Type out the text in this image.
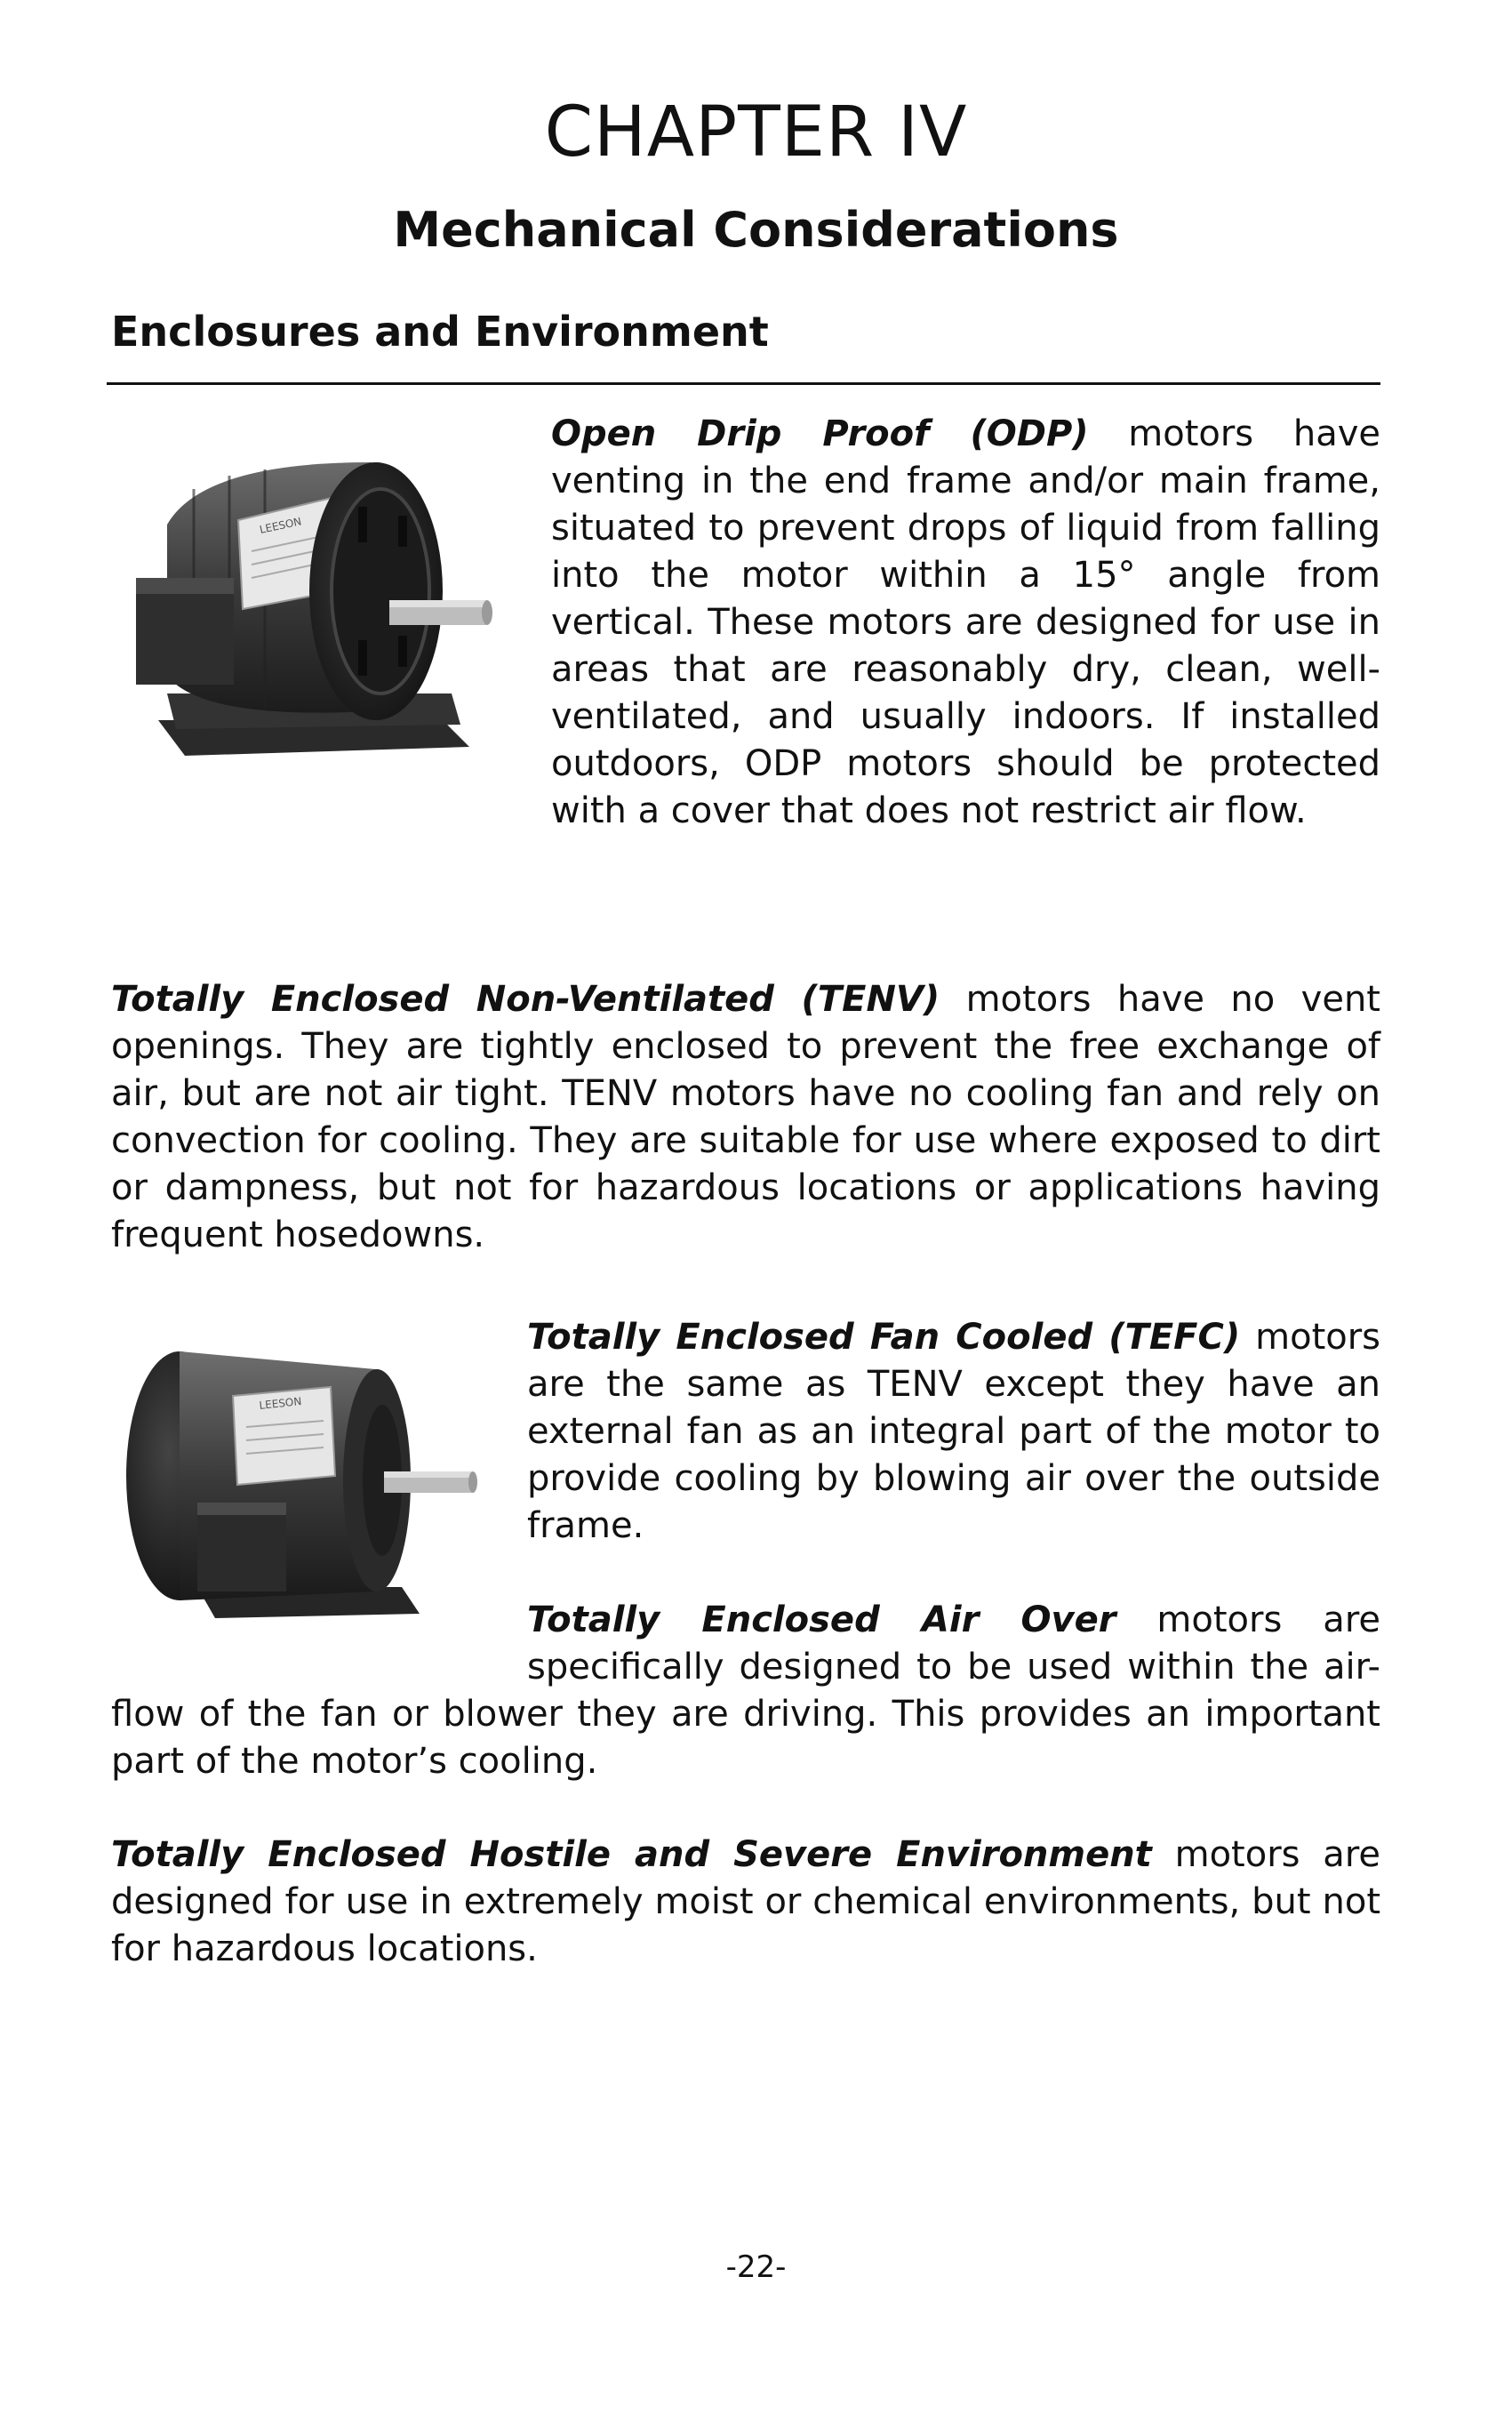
CHAPTER IV
Mechanical Considerations
Enclosures and Environment
LEESON

Open Drip Proof (ODP) motors have venting in the end frame and/or main frame, situated to prevent drops of liquid from falling into the motor within a 15° angle from vertical. These motors are designed for use in areas that are reasonably dry, clean, well-ventilated, and usually indoors. If installed outdoors, ODP motors should be protected with a cover that does not restrict air flow.

Totally Enclosed Non-Ventilated (TENV) motors have no vent openings. They are tightly enclosed to prevent the free exchange of air, but are not air tight. TENV motors have no cooling fan and rely on convection for cooling. They are suitable for use where exposed to dirt or dampness, but not for hazardous locations or applications having frequent hosedowns.

LEESON

Totally Enclosed Fan Cooled (TEFC) motors are the same as TENV except they have an external fan as an integral part of the motor to provide cooling by blowing air over the outside frame.

Totally Enclosed Air Over motors are specifically designed to be used within the air-

flow of the fan or blower they are driving. This provides an important part of the motor’s cooling.

Totally Enclosed Hostile and Severe Environment motors are designed for use in extremely moist or chemical environments, but not for hazardous locations.

-22-
